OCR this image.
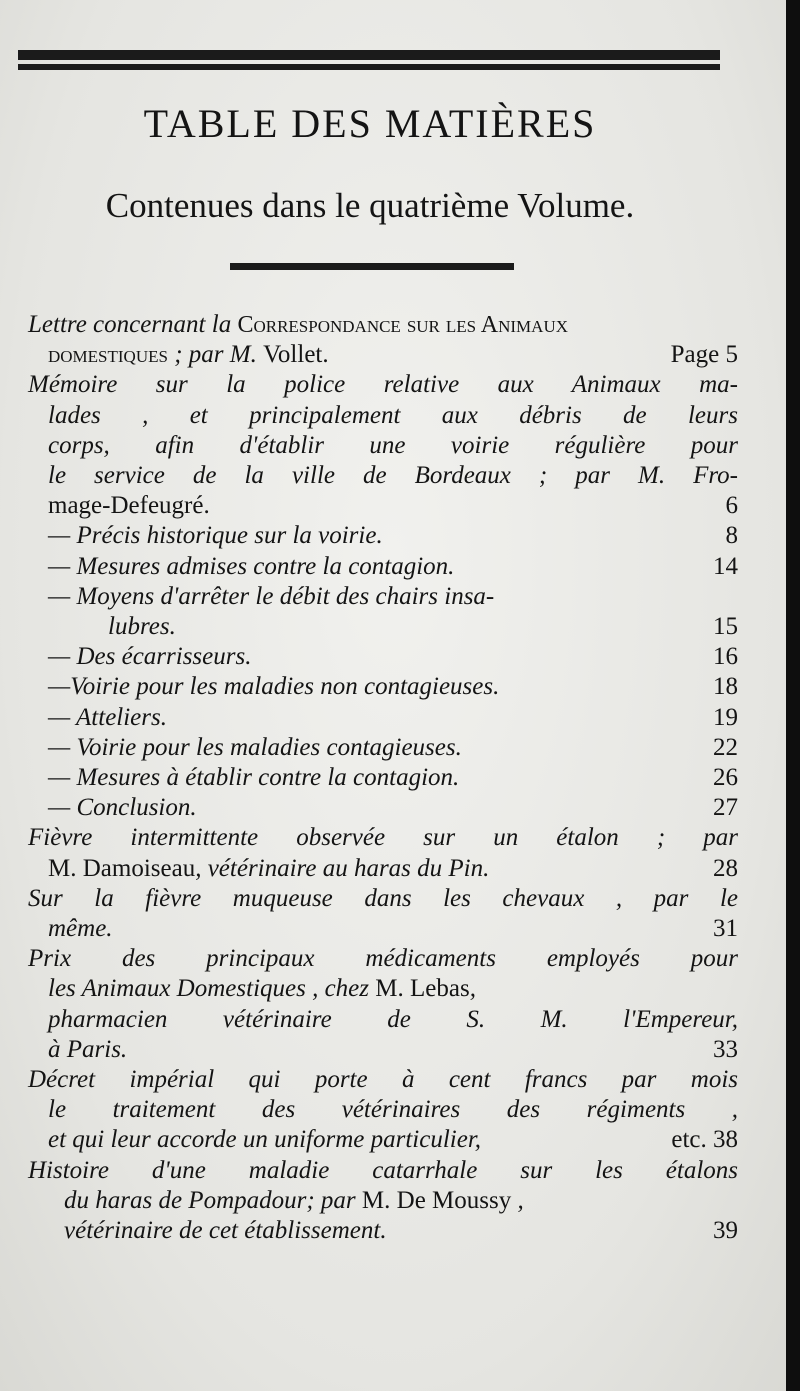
TABLE DES MATIÈRES
Contenues dans le quatrième Volume.
Lettre concernant la Correspondance sur les Animaux
domestiques ; par M. Vollet.	Page 5
Mémoire sur la police relative aux Animaux ma-
lades , et principalement aux débris de leurs
corps, afin d'établir une voirie régulière pour
le service de la ville de Bordeaux ; par M. Fro-
mage-Defeugré.	6
— Précis historique sur la voirie.	8
— Mesures admises contre la contagion.	14
— Moyens d'arrêter le débit des chairs insa-
lubres.	15
— Des écarrisseurs.	16
—Voirie pour les maladies non contagieuses.	18
— Atteliers.	19
— Voirie pour les maladies contagieuses.	22
— Mesures à établir contre la contagion.	26
— Conclusion.	27
Fièvre intermittente observée sur un étalon ; par
M. Damoiseau, vétérinaire au haras du Pin.	28
Sur la fièvre muqueuse dans les chevaux , par le
même.	31
Prix des principaux médicaments employés pour
les Animaux Domestiques , chez M. Lebas,
pharmacien vétérinaire de S. M. l'Empereur,
à Paris.	33
Décret impérial qui porte à cent francs par mois
le traitement des vétérinaires des régiments ,
et qui leur accorde un uniforme particulier,	etc. 38
Histoire d'une maladie catarrhale sur les étalons
du haras de Pompadour; par M. De Moussy ,
vétérinaire de cet établissement.	39
